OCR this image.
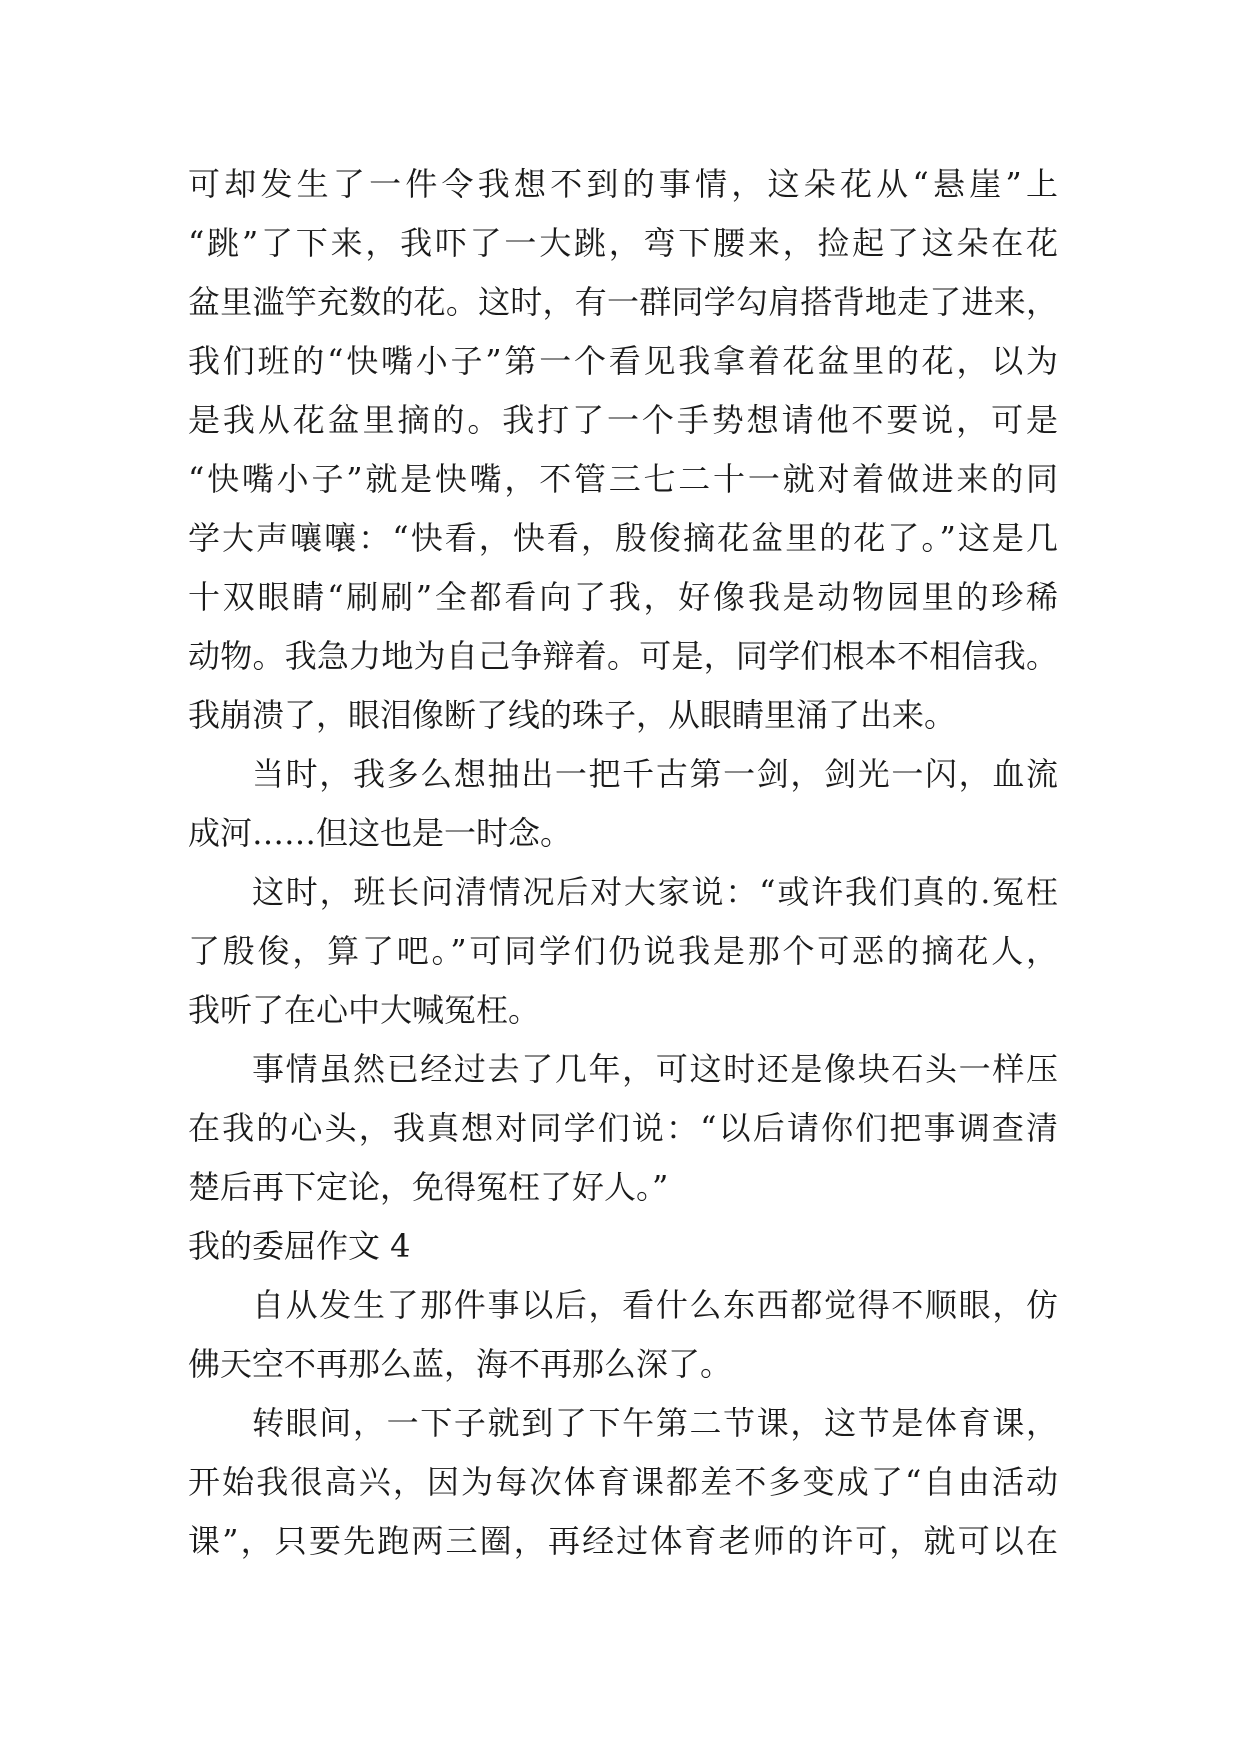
可却发生了一件令我想不到的事情，这朵花从“悬崖”上
“跳”了下来，我吓了一大跳，弯下腰来，捡起了这朵在花
盆里滥竽充数的花。这时，有一群同学勾肩搭背地走了进来，
我们班的“快嘴小子”第一个看见我拿着花盆里的花，以为
是我从花盆里摘的。我打了一个手势想请他不要说，可是
“快嘴小子”就是快嘴，不管三七二十一就对着做进来的同
学大声嚷嚷：“快看，快看，殷俊摘花盆里的花了。”这是几
十双眼睛“刷刷”全都看向了我，好像我是动物园里的珍稀
动物。我急力地为自己争辩着。可是，同学们根本不相信我。
我崩溃了，眼泪像断了线的珠子，从眼睛里涌了出来。
当时，我多么想抽出一把千古第一剑，剑光一闪，血流
成河……但这也是一时念。
这时，班长问清情况后对大家说：“或许我们真的.冤枉
了殷俊，算了吧。”可同学们仍说我是那个可恶的摘花人，
我听了在心中大喊冤枉。
事情虽然已经过去了几年，可这时还是像块石头一样压
在我的心头，我真想对同学们说：“以后请你们把事调查清
楚后再下定论，免得冤枉了好人。”
我的委屈作文 4
自从发生了那件事以后，看什么东西都觉得不顺眼，仿
佛天空不再那么蓝，海不再那么深了。
转眼间，一下子就到了下午第二节课，这节是体育课，
开始我很高兴，因为每次体育课都差不多变成了“自由活动
课”，只要先跑两三圈，再经过体育老师的许可，就可以在
